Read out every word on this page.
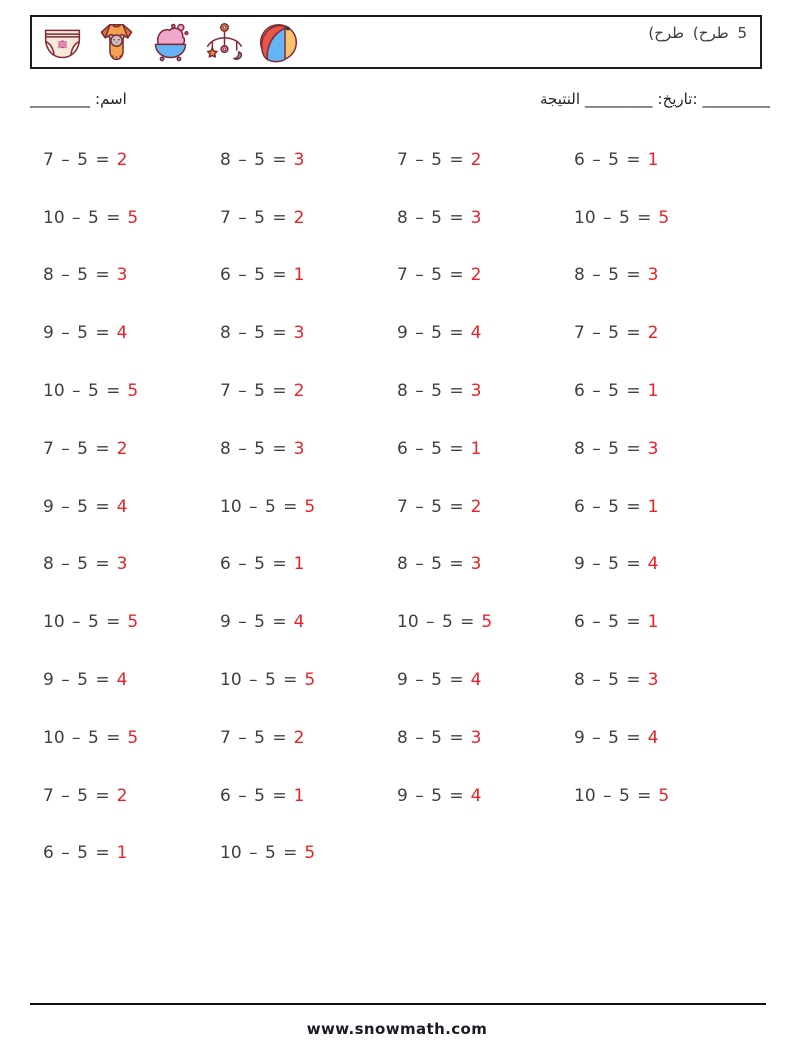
(طرح (طرح 5
________ :اسم	النتيجة _________ :تاريخ: _________
7 – 5 = 2	8 – 5 = 3	7 – 5 = 2	6 – 5 = 1
10 – 5 = 5	7 – 5 = 2	8 – 5 = 3	10 – 5 = 5
8 – 5 = 3	6 – 5 = 1	7 – 5 = 2	8 – 5 = 3
9 – 5 = 4	8 – 5 = 3	9 – 5 = 4	7 – 5 = 2
10 – 5 = 5	7 – 5 = 2	8 – 5 = 3	6 – 5 = 1
7 – 5 = 2	8 – 5 = 3	6 – 5 = 1	8 – 5 = 3
9 – 5 = 4	10 – 5 = 5	7 – 5 = 2	6 – 5 = 1
8 – 5 = 3	6 – 5 = 1	8 – 5 = 3	9 – 5 = 4
10 – 5 = 5	9 – 5 = 4	10 – 5 = 5	6 – 5 = 1
9 – 5 = 4	10 – 5 = 5	9 – 5 = 4	8 – 5 = 3
10 – 5 = 5	7 – 5 = 2	8 – 5 = 3	9 – 5 = 4
7 – 5 = 2	6 – 5 = 1	9 – 5 = 4	10 – 5 = 5
6 – 5 = 1	10 – 5 = 5
www.snowmath.com
